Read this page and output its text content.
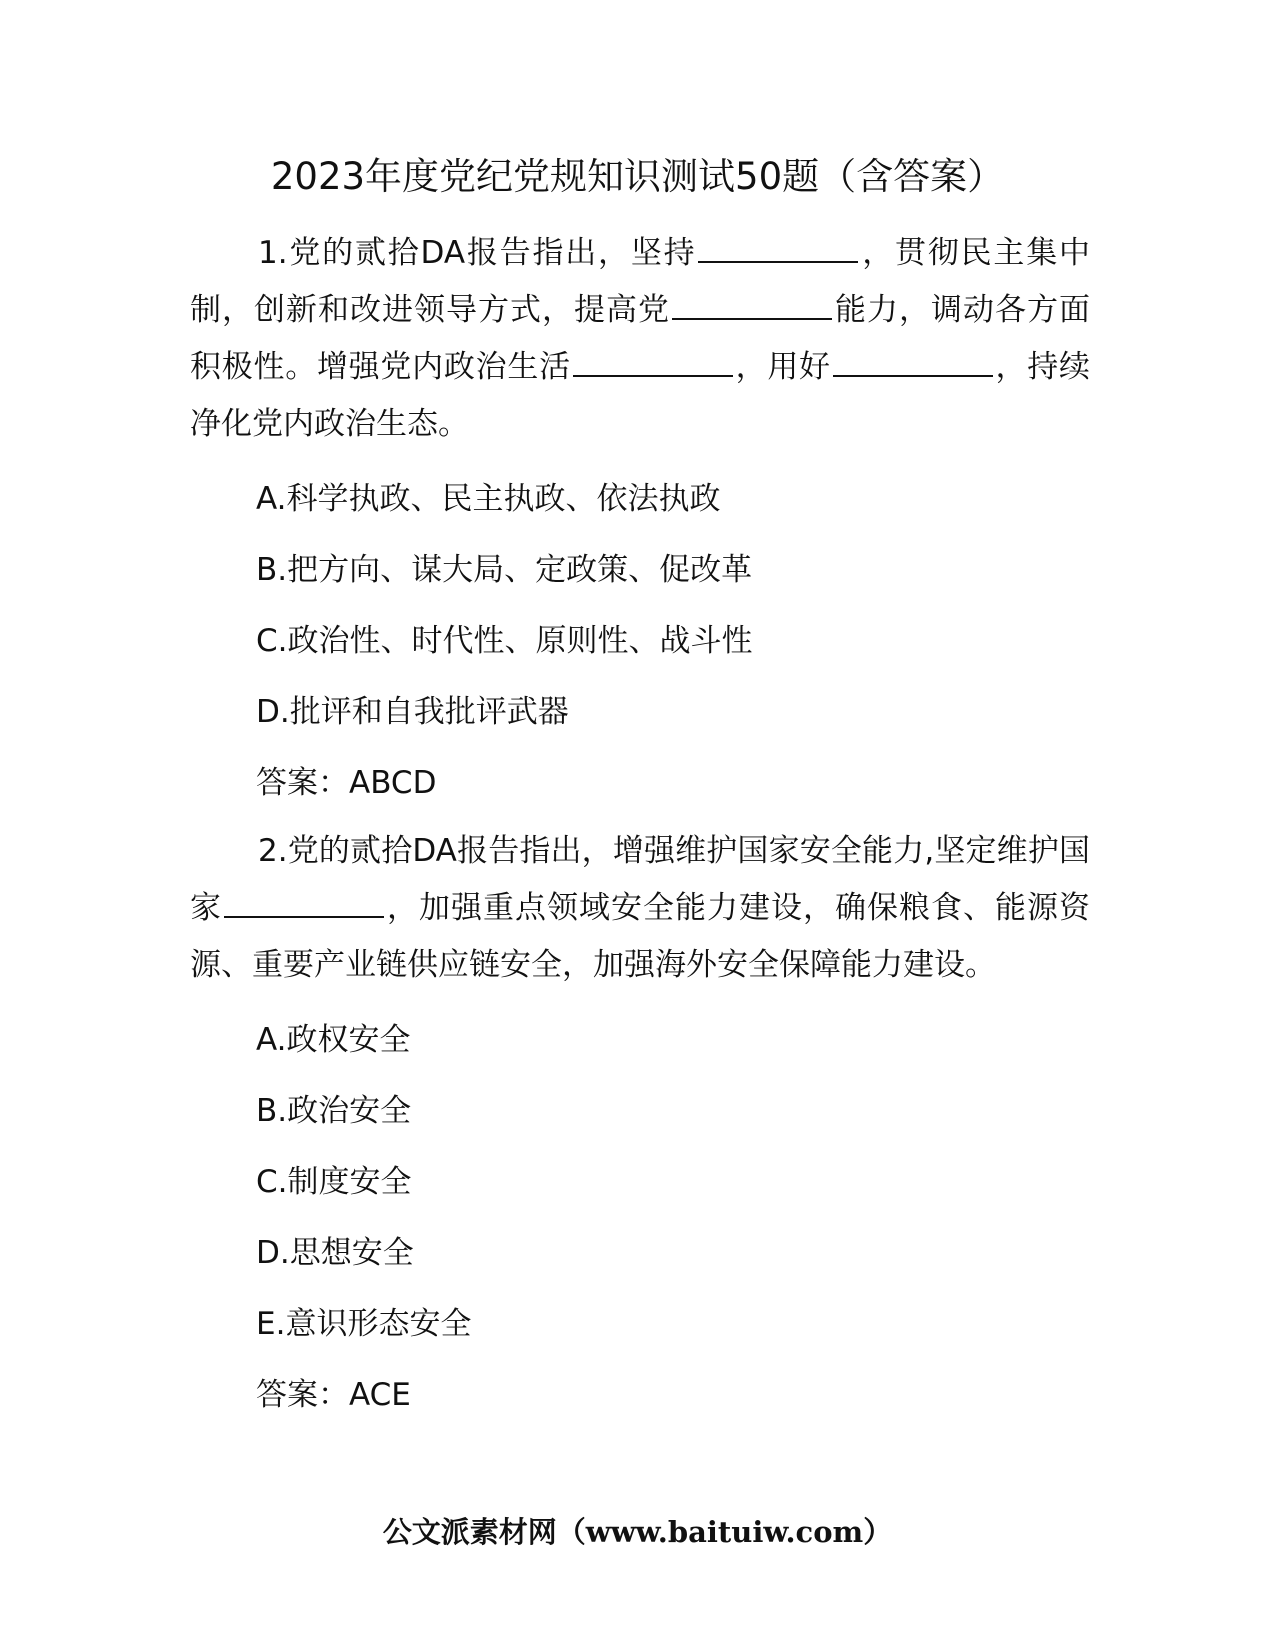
2023年度党纪党规知识测试50题（含答案）

1.党的贰拾DA报告指出，坚持	，贯彻民主集中制，创新和改进领导方式，提高党	能力，调动各方面积极性。增强党内政治生活	，用好	，持续净化党内政治生态。

A.科学执政、民主执政、依法执政

B.把方向、谋大局、定政策、促改革

C.政治性、时代性、原则性、战斗性

D.批评和自我批评武器

答案：ABCD

2.党的贰拾DA报告指出，增强维护国家安全能力,坚定维护国家	，加强重点领域安全能力建设，确保粮食、能源资源、重要产业链供应链安全，加强海外安全保障能力建设。

A.政权安全

B.政治安全

C.制度安全

D.思想安全

E.意识形态安全

答案：ACE

公文派素材网（www.baituiw.com）
